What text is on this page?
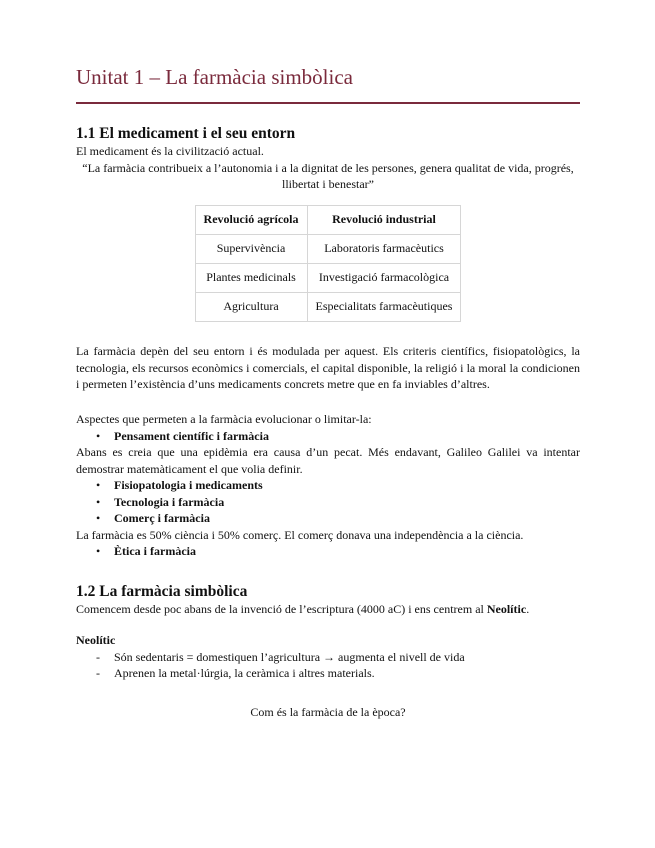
Unitat 1 – La farmàcia simbòlica
1.1 El medicament i el seu entorn

El medicament és la civilització actual.

“La farmàcia contribueix a l’autonomia i a la dignitat de les persones, genera qualitat de vida, progrés, llibertat i benestar”

Revolució agrícola	Revolució industrial
Supervivència	Laboratoris farmacèutics
Plantes medicinals	Investigació farmacològica
Agricultura	Especialitats farmacèutiques

La farmàcia depèn del seu entorn i és modulada per aquest. Els criteris científics, fisiopatològics, la tecnologia, els recursos econòmics i comercials, el capital disponible, la religió i la moral la condicionen i permeten l’existència d’uns medicaments concrets metre que en fa inviables d’altres.

Aspectes que permeten a la farmàcia evolucionar o limitar-la:

• Pensament científic i farmàcia

Abans es creia que una epidèmia era causa d’un pecat. Més endavant, Galileo Galilei va intentar demostrar matemàticament el que volia definir.

• Fisiopatologia i medicaments
• Tecnologia i farmàcia
• Comerç i farmàcia

La farmàcia es 50% ciència i 50% comerç. El comerç donava una independència a la ciència.

• Ètica i farmàcia
1.2 La farmàcia simbòlica

Comencem desde poc abans de la invenció de l’escriptura (4000 aC) i ens centrem al Neolític.

Neolític

- Són sedentaris = domestiquen l’agricultura → augmenta el nivell de vida
- Aprenen la metal·lúrgia, la ceràmica i altres materials.

Com és la farmàcia de la època?
